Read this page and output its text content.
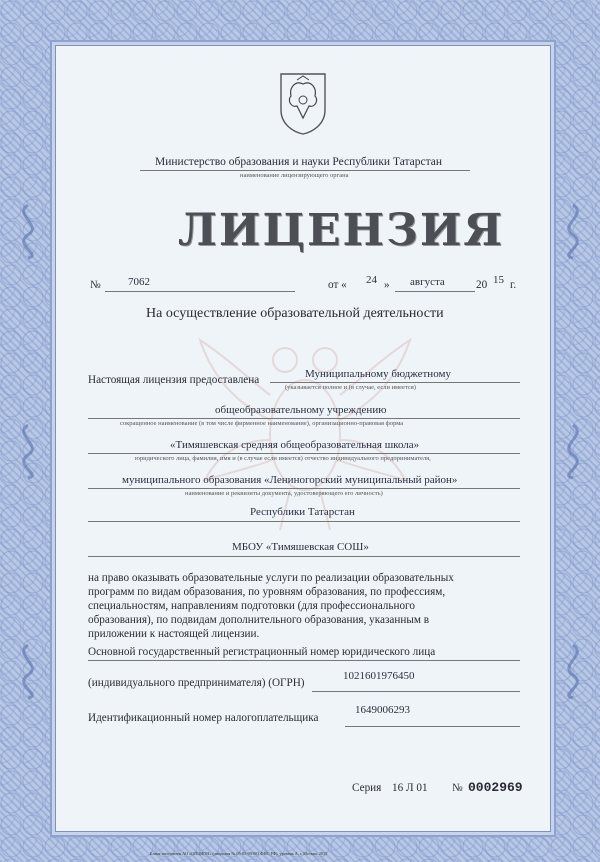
Министерство образования и науки Республики Татарстан
наименование лицензирующего органа
ЛИЦЕНЗИЯ
№ 7062	от « 24 » августа	20 15 г.
На осуществление образовательной деятельности
Настоящая лицензия предоставлена	Муниципальному бюджетному
(указывается полное и (в случае, если имеется)
общеобразовательному учреждению
сокращенное наименование (в том числе фирменное наименование), организационно-правовая форма
«Тимяшевская средняя общеобразовательная школа»
юридического лица, фамилия, имя и (в случае если имеется) отчество индивидуального предпринимателя,
муниципального образования «Лениногорский муниципальный район»
наименование и реквизиты документа, удостоверяющего его личность)
Республики Татарстан
МБОУ «Тимяшевская СОШ»
на право оказывать образовательные услуги по реализации образовательных
программ по видам образования, по уровням образования, по профессиям,
специальностям, направлениям подготовки (для профессионального
образования), по подвидам дополнительного образования, указанным в
приложении к настоящей лицензии.
Основной государственный регистрационный номер юридического лица
(индивидуального предпринимателя) (ОГРН)
1021601976450
Идентификационный номер налогоплательщика
1649006293
Серия 16 Л 01 № 0002969
Бланк изготовлен АО «ОПЦИОН» (лицензия № 05-05-09/003 ФНС РФ), уровень А, г. Москва, 2015
